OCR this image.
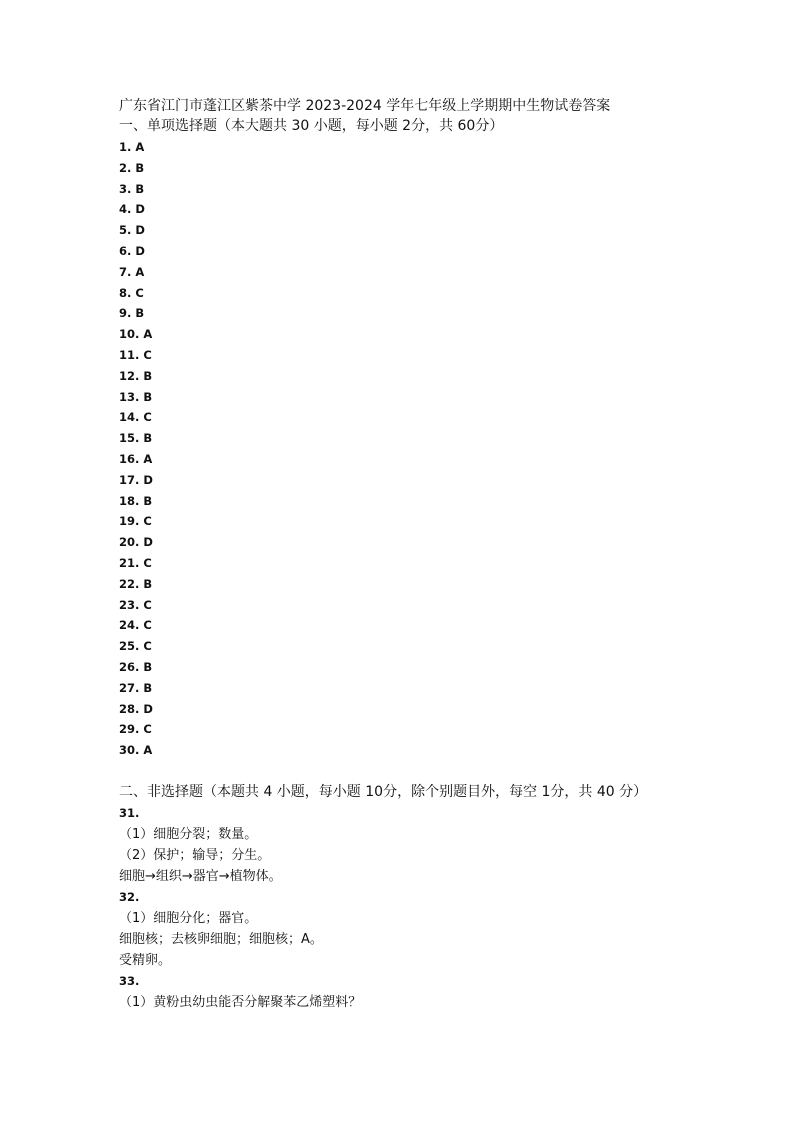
广东省江门市蓬江区紫茶中学 2023-2024 学年七年级上学期期中生物试卷答案
一、单项选择题（本大题共 30 小题，每小题 2分，共 60分）
1. A
2. B
3. B
4. D
5. D
6. D
7. A
8. C
9. B
10. A
11. C
12. B
13. B
14. C
15. B
16. A
17. D
18. B
19. C
20. D
21. C
22. B
23. C
24. C
25. C
26. B
27. B
28. D
29. C
30. A
二、非选择题（本题共 4 小题，每小题 10分，除个别题目外，每空 1分，共 40 分）
31.
（1）细胞分裂；数量。
（2）保护；输导；分生。
细胞→组织→器官→植物体。
32.
（1）细胞分化；器官。
细胞核；去核卵细胞；细胞核；A。
受精卵。
33.
（1）黄粉虫幼虫能否分解聚苯乙烯塑料？
